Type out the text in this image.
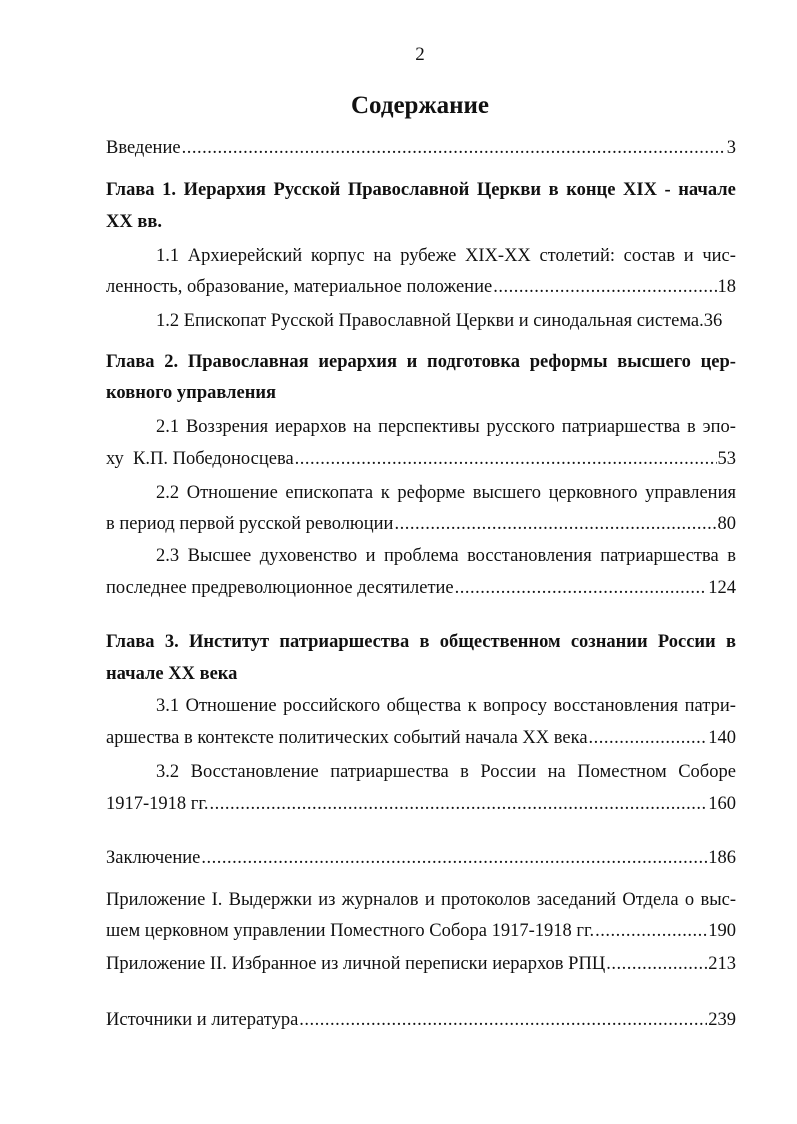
2
Содержание
Введение .....	3
Глава 1. Иерархия Русской Православной Церкви в конце XIX - начале
XX вв.
1.1 Архиерейский корпус на рубеже XIX-XX столетий: состав и чис-
ленность, образование, материальное положение .....	18
1.2 Епископат Русской Православной Церкви и синодальная система.36
Глава 2. Православная иерархия и подготовка реформы высшего цер-
ковного управления
2.1 Воззрения иерархов на перспективы русского патриаршества в эпо-
ху  К.П. Победоносцева .....	53
2.2 Отношение епископата к реформе высшего церковного управления
в период первой русской революции .....	80
2.3 Высшее духовенство и проблема восстановления патриаршества в
последнее предреволюционное десятилетие .....	124
Глава 3. Институт патриаршества в общественном сознании России в
начале XX века
3.1 Отношение российского общества к вопросу восстановления патри-
аршества в контексте политических событий начала XX века .....	140
3.2 Восстановление патриаршества в России на Поместном Соборе
1917-1918 гг. .....	160
Заключение .....	186
Приложение I. Выдержки из журналов и протоколов заседаний Отдела о выс-
шем церковном управлении Поместного Собора 1917-1918 гг. .....	190
Приложение II. Избранное из личной переписки иерархов РПЦ .....	213
Источники и литература .....	239
